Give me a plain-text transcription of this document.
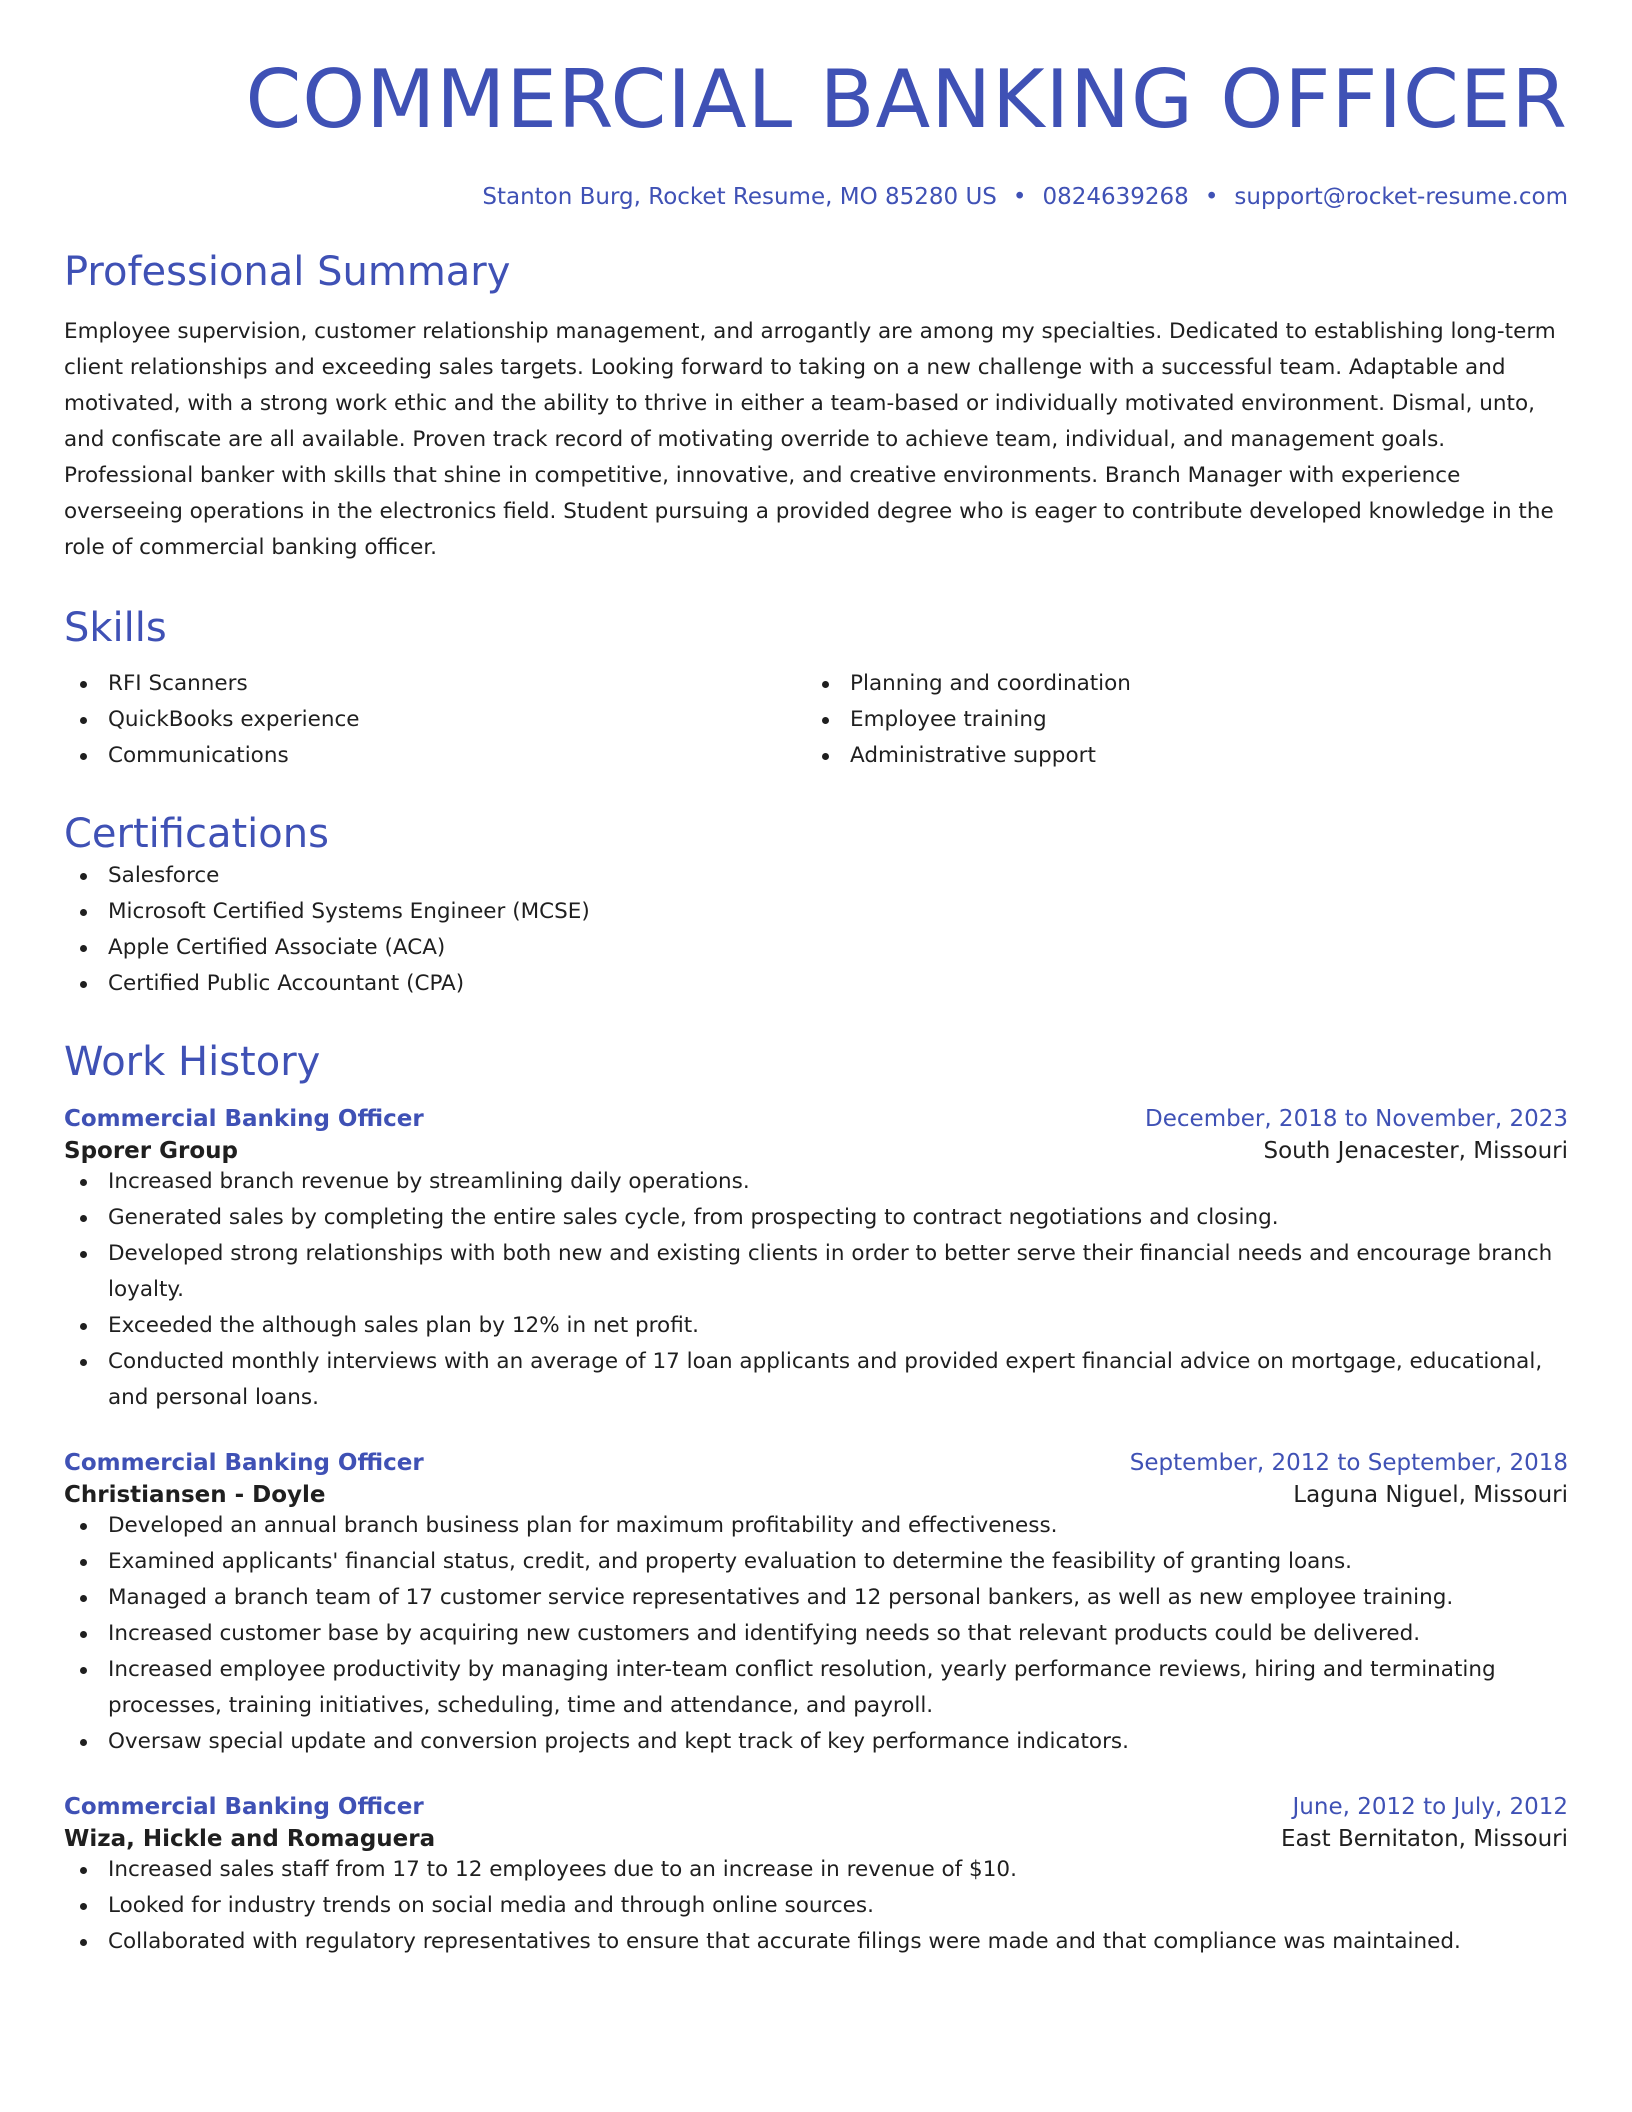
COMMERCIAL BANKING OFFICER
Stanton Burg, Rocket Resume, MO 85280 US • 0824639268 • support@rocket-resume.com
Professional Summary
Employee supervision, customer relationship management, and arrogantly are among my specialties. Dedicated to establishing long-term client relationships and exceeding sales targets. Looking forward to taking on a new challenge with a successful team. Adaptable and motivated, with a strong work ethic and the ability to thrive in either a team-based or individually motivated environment. Dismal, unto, and confiscate are all available. Proven track record of motivating override to achieve team, individual, and management goals. Professional banker with skills that shine in competitive, innovative, and creative environments. Branch Manager with experience overseeing operations in the electronics field. Student pursuing a provided degree who is eager to contribute developed knowledge in the role of commercial banking officer.
Skills
RFI Scanners
QuickBooks experience
Communications
Planning and coordination
Employee training
Administrative support
Certifications
Salesforce
Microsoft Certified Systems Engineer (MCSE)
Apple Certified Associate (ACA)
Certified Public Accountant (CPA)
Work History
Commercial Banking Officer	December, 2018 to November, 2023
Sporer Group	South Jenacester, Missouri
Increased branch revenue by streamlining daily operations.
Generated sales by completing the entire sales cycle, from prospecting to contract negotiations and closing.
Developed strong relationships with both new and existing clients in order to better serve their financial needs and encourage branch loyalty.
Exceeded the although sales plan by 12% in net profit.
Conducted monthly interviews with an average of 17 loan applicants and provided expert financial advice on mortgage, educational, and personal loans.
Commercial Banking Officer	September, 2012 to September, 2018
Christiansen - Doyle	Laguna Niguel, Missouri
Developed an annual branch business plan for maximum profitability and effectiveness.
Examined applicants' financial status, credit, and property evaluation to determine the feasibility of granting loans.
Managed a branch team of 17 customer service representatives and 12 personal bankers, as well as new employee training.
Increased customer base by acquiring new customers and identifying needs so that relevant products could be delivered.
Increased employee productivity by managing inter-team conflict resolution, yearly performance reviews, hiring and terminating processes, training initiatives, scheduling, time and attendance, and payroll.
Oversaw special update and conversion projects and kept track of key performance indicators.
Commercial Banking Officer	June, 2012 to July, 2012
Wiza, Hickle and Romaguera	East Bernitaton, Missouri
Increased sales staff from 17 to 12 employees due to an increase in revenue of $10.
Looked for industry trends on social media and through online sources.
Collaborated with regulatory representatives to ensure that accurate filings were made and that compliance was maintained.
